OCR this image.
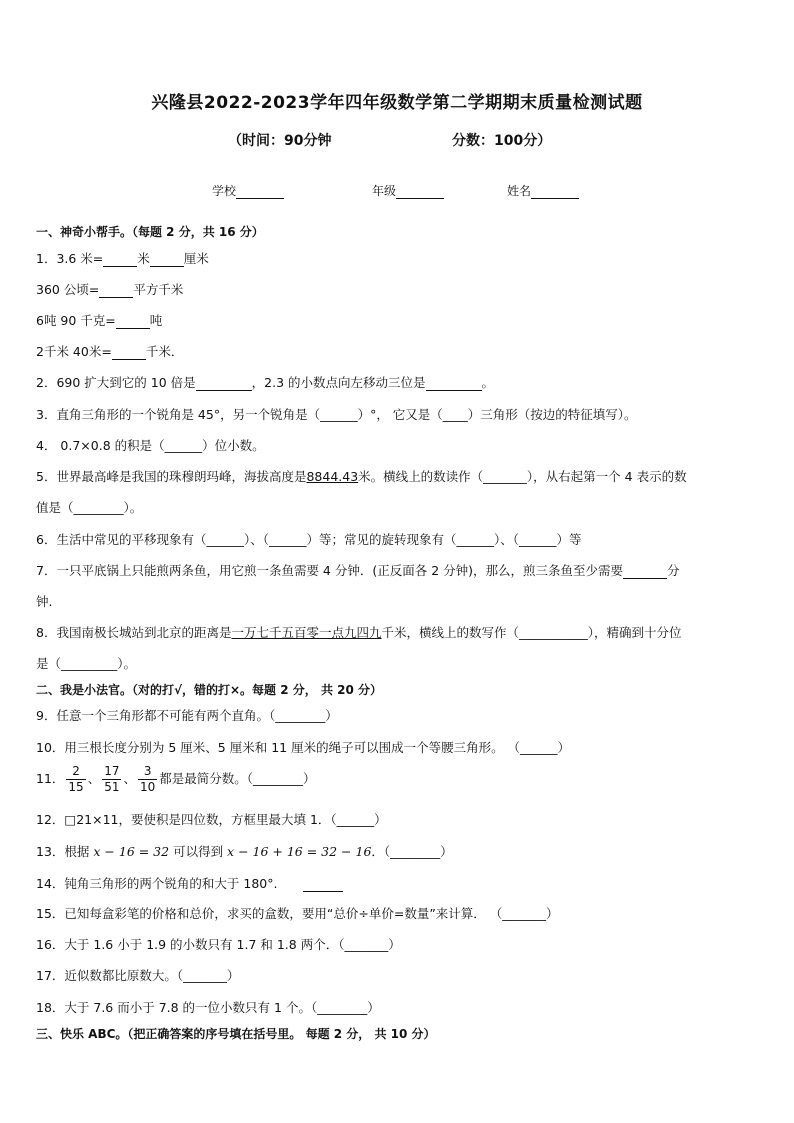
兴隆县2022-2023学年四年级数学第二学期期末质量检测试题
（时间：90分钟	分数：100分）
学校	年级	姓名
一、神奇小帮手。（每题 2 分，共 16 分）
1．3.6 米=	米	厘米
360 公顷=	平方千米
6吨 90 千克=	吨
2千米 40米=	千米．
2．690 扩大到它的 10 倍是	，2.3 的小数点向左移动三位是	。
3．直角三角形的一个锐角是 45°，另一个锐角是（______）°， 它又是（____）三角形（按边的特征填写）。
4． 0.7×0.8 的积是（______）位小数。
5．世界最高峰是我国的珠穆朗玛峰，海拔高度是8844.43米。横线上的数读作（_______），从右起第一个 4 表示的数
值是（________）。
6．生活中常见的平移现象有（______）、（______）等；常见的旋转现象有（______）、（______）等
7．一只平底锅上只能煎两条鱼，用它煎一条鱼需要 4 分钟．(正反面各 2 分钟)，那么，煎三条鱼至少需要	分
钟.
8．我国南极长城站到北京的距离是一万七千五百零一点九四九千米，横线上的数写作（___________），精确到十分位
是（_________）。
二、我是小法官。（对的打√，错的打×。每题 2 分， 共 20 分）
9．任意一个三角形都不可能有两个直角。（________）
10．用三根长度分别为 5 厘米、5 厘米和 11 厘米的绳子可以围成一个等腰三角形。 （______）
11． $\frac{2}{15}$ 、 $\frac{17}{51}$ 、 $\frac{3}{10}$ 都是最简分数。（________）
12．□21×11，要使积是四位数，方框里最大填 1．（______）
13．根据 x − 16 = 32 可以得到 x − 16 + 16 = 32 − 16．（________）
14．钝角三角形的两个锐角的和大于 180°.
15．已知每盒彩笔的价格和总价，求买的盒数，要用“总价÷单价=数量”来计算． （_______）
16．大于 1.6 小于 1.9 的小数只有 1.7 和 1.8 两个．（_______）
17．近似数都比原数大。（_______）
18．大于 7.6 而小于 7.8 的一位小数只有 1 个。（________）
三、快乐 ABC。（把正确答案的序号填在括号里。 每题 2 分， 共 10 分）
